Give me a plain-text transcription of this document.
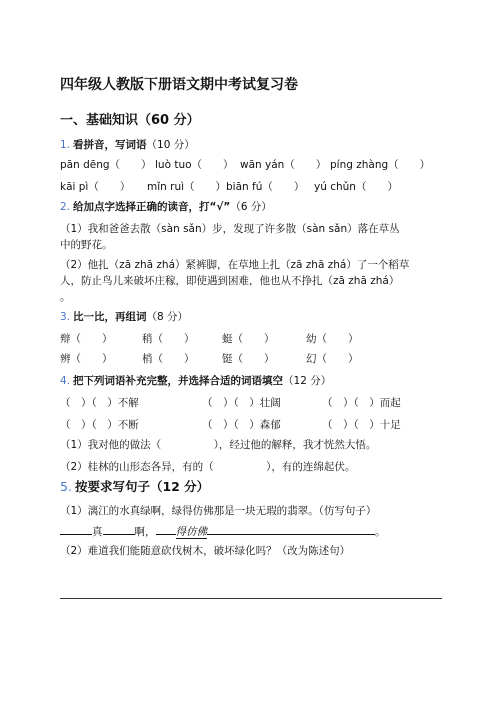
四年级人教版下册语文期中考试复习卷
一、基础知识（60 分）
1. 看拼音，写词语（10 分）
pān dēng（　　） luò tuo（　　） wān yán（　　） píng zhàng（　　）
kāi pì（　　） mǐn ruì（　　） biān fú（　　） yú chǔn（　　）
2. 给加点字选择正确的读音，打“√”（6 分）
（1）我和爸爸去散（sàn sǎn）步，发现了许多散（sàn sǎn）落在草丛
中的野花。
（2）他扎（zā zhā zhá）紧裤脚，在草地上扎（zā zhā zhá）了一个稻草
人，防止鸟儿来破坏庄稼，即使遇到困难，他也从不挣扎（zā zhā zhá）
。
3. 比一比，再组词（8 分）
辩（　　）	稍（　　）	蜓（　　）	幼（　　）
辨（　　）	梢（　　）	铤（　　）	幻（　　）
4. 把下列词语补充完整，并选择合适的词语填空（12 分）
（　）（　）不解	（　）（　）壮阔	（　）（　）而起
（　）（　）不断	（　）（　）森郁	（　）（　）十足
（1）我对他的做法（　　　　　），经过他的解释，我才恍然大悟。
（2）桂林的山形态各异，有的（　　　　　），有的连绵起伏。
5. 按要求写句子（12 分）
（1）漓江的水真绿啊，绿得仿佛那是一块无瑕的翡翠。（仿写句子）
真	啊， 得仿佛	。
（2）难道我们能随意砍伐树木，破坏绿化吗？（改为陈述句）
